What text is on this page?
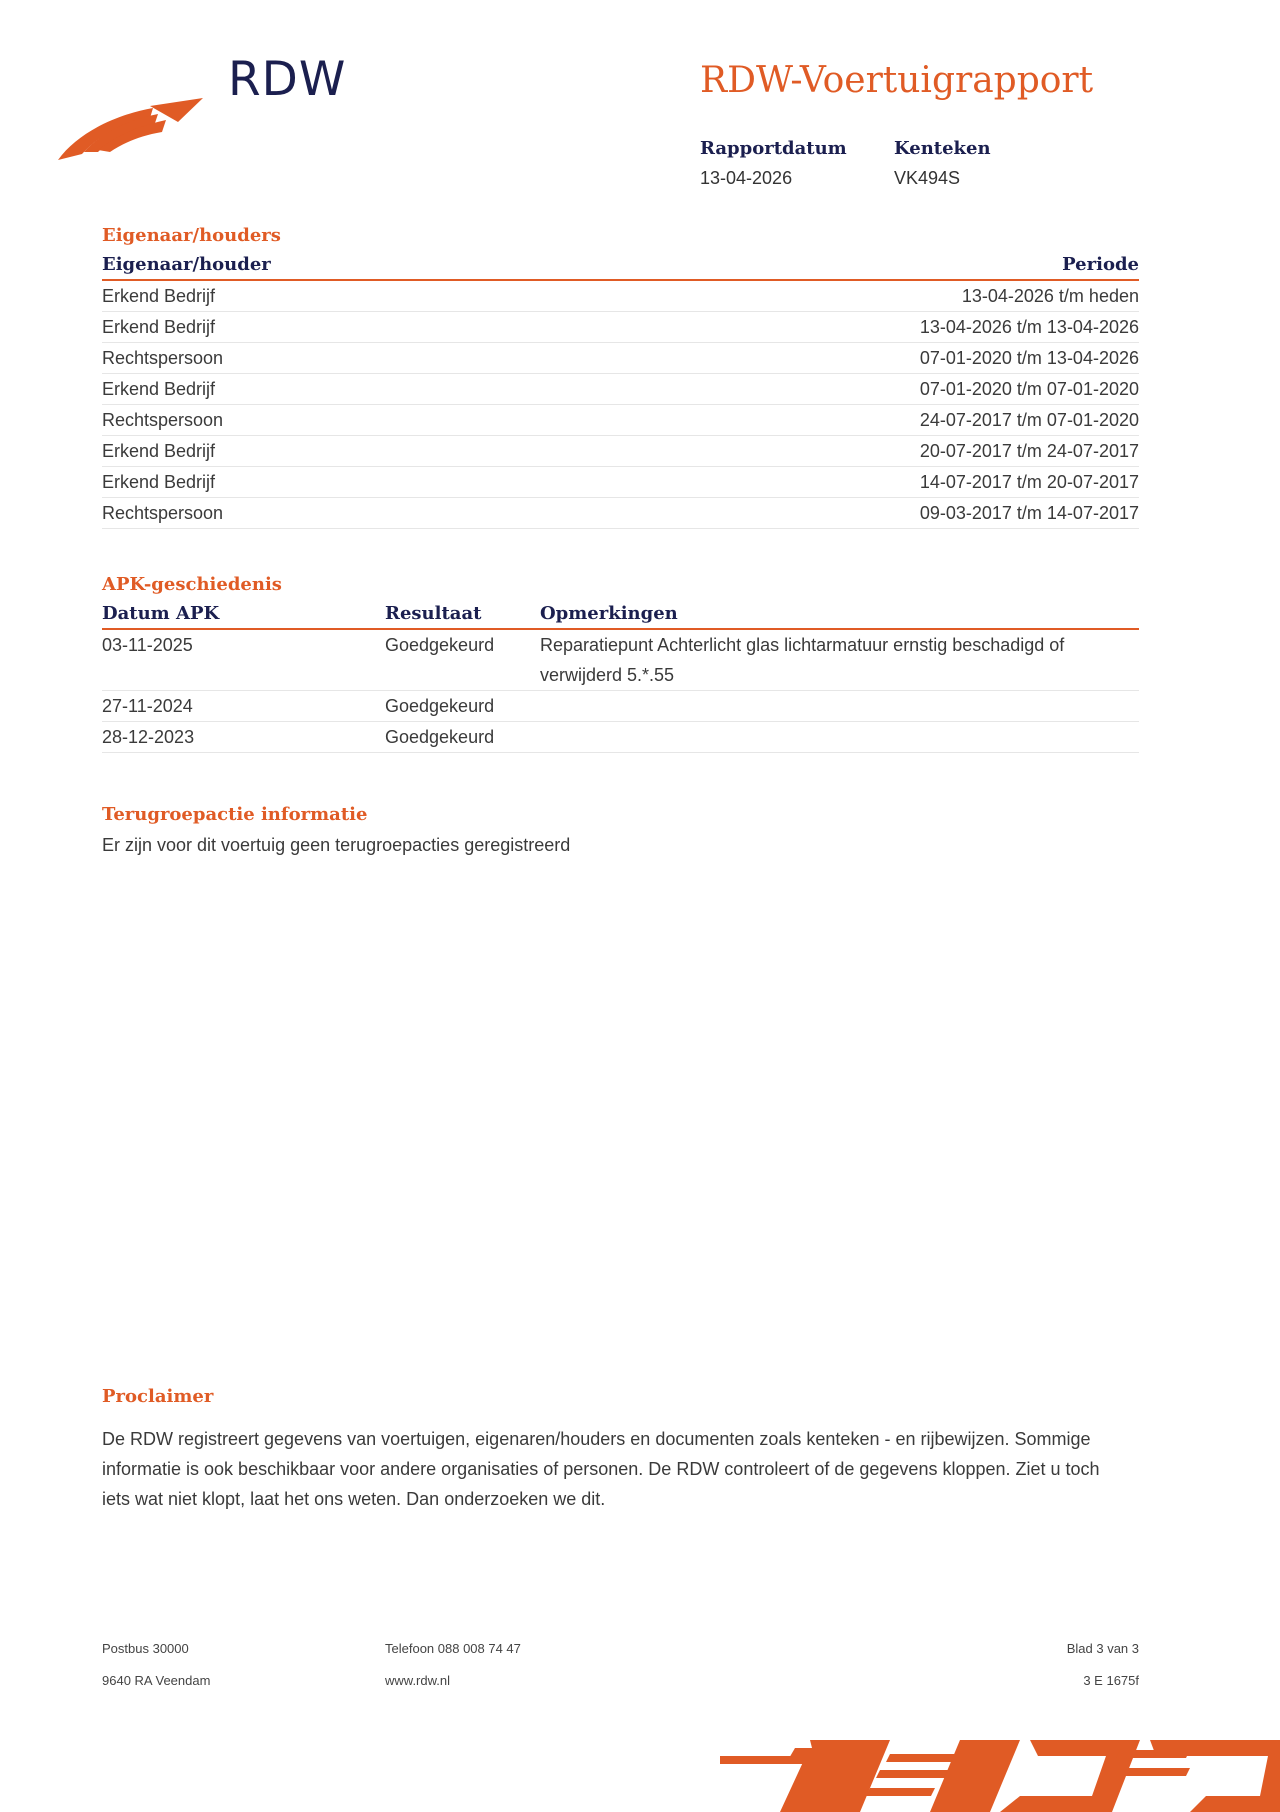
RDW	RDW-Voertuigrapport
Rapportdatum
13-04-2026
Kenteken
VK494S
Eigenaar/houders
Eigenaar/houder	Periode
Erkend Bedrijf	13-04-2026 t/m heden
Erkend Bedrijf	13-04-2026 t/m 13-04-2026
Rechtspersoon	07-01-2020 t/m 13-04-2026
Erkend Bedrijf	07-01-2020 t/m 07-01-2020
Rechtspersoon	24-07-2017 t/m 07-01-2020
Erkend Bedrijf	20-07-2017 t/m 24-07-2017
Erkend Bedrijf	14-07-2017 t/m 20-07-2017
Rechtspersoon	09-03-2017 t/m 14-07-2017
APK-geschiedenis
Datum APK	Resultaat	Opmerkingen
03-11-2025	Goedgekeurd	Reparatiepunt Achterlicht glas lichtarmatuur ernstig beschadigd of verwijderd 5.*.55
27-11-2024	Goedgekeurd
28-12-2023	Goedgekeurd
Terugroepactie informatie
Er zijn voor dit voertuig geen terugroepacties geregistreerd
Proclaimer
De RDW registreert gegevens van voertuigen, eigenaren/houders en documenten zoals kenteken - en rijbewijzen. Sommige informatie is ook beschikbaar voor andere organisaties of personen. De RDW controleert of de gegevens kloppen. Ziet u toch iets wat niet klopt, laat het ons weten. Dan onderzoeken we dit.
Postbus 30000
9640 RA Veendam
Telefoon 088 008 74 47
www.rdw.nl
Blad 3 van 3
3 E 1675f
